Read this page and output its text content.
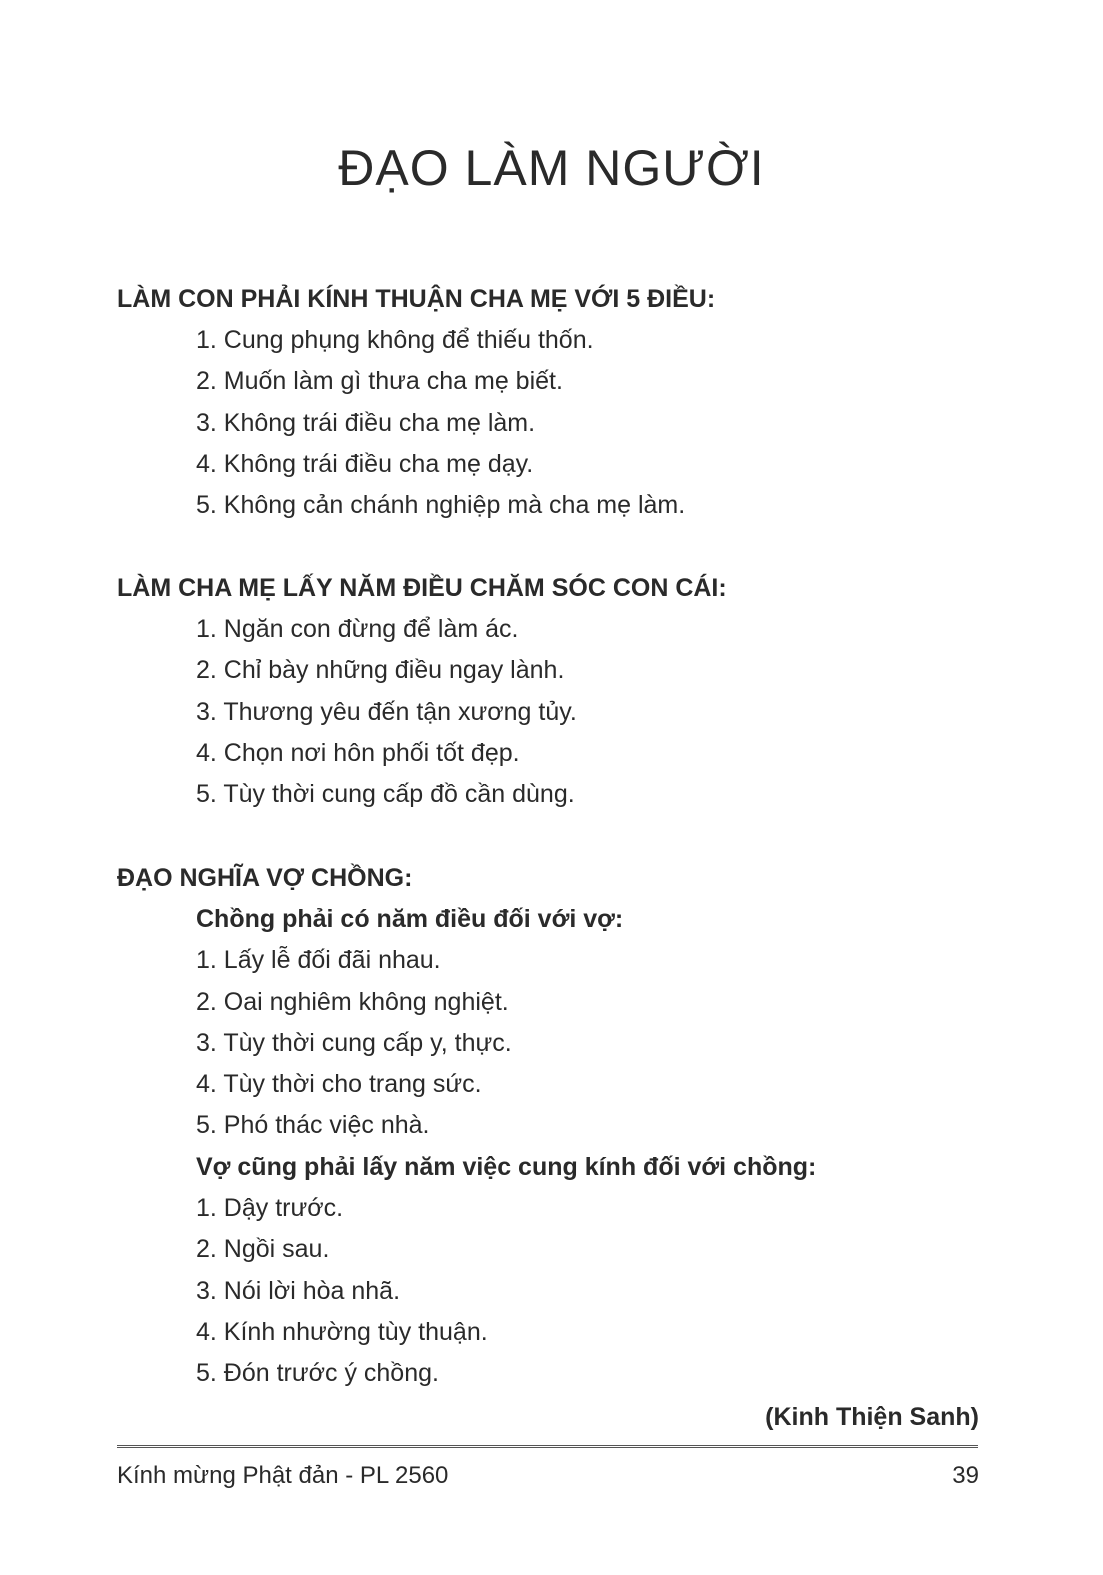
ĐẠO LÀM NGƯỜI

LÀM CON PHẢI KÍNH THUẬN CHA MẸ VỚI 5 ĐIỀU:

1. Cung phụng không để thiếu thốn.
2. Muốn làm gì thưa cha mẹ biết.
3. Không trái điều cha mẹ làm.
4. Không trái điều cha mẹ dạy.
5. Không cản chánh nghiệp mà cha mẹ làm.

LÀM CHA MẸ LẤY NĂM ĐIỀU CHĂM SÓC CON CÁI:

1. Ngăn con đừng để làm ác.
2. Chỉ bày những điều ngay lành.
3. Thương yêu đến tận xương tủy.
4. Chọn nơi hôn phối tốt đẹp.
5. Tùy thời cung cấp đồ cần dùng.

ĐẠO NGHĨA VỢ CHỒNG:

Chồng phải có năm điều đối với vợ:

1. Lấy lễ đối đãi nhau.
2. Oai nghiêm không nghiệt.
3. Tùy thời cung cấp y, thực.
4. Tùy thời cho trang sức.
5. Phó thác việc nhà.

Vợ cũng phải lấy năm việc cung kính đối với chồng:

1. Dậy trước.
2. Ngồi sau.
3. Nói lời hòa nhã.
4. Kính nhường tùy thuận.
5. Đón trước ý chồng.
(Kinh Thiện Sanh)
Kính mừng Phật đản - PL 2560	39
